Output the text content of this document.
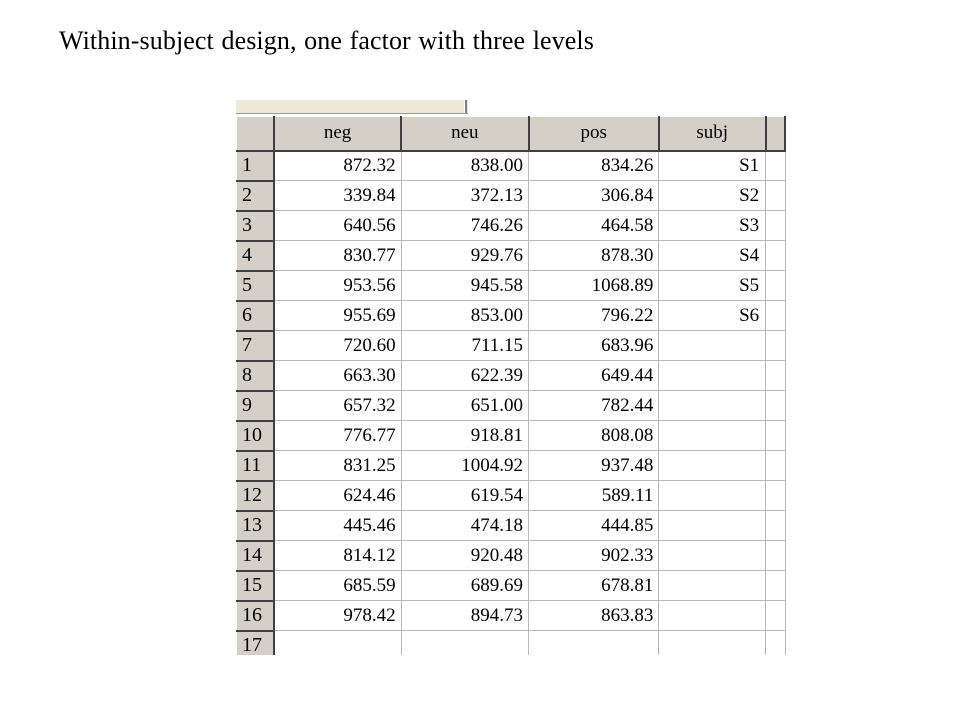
Within-subject design, one factor with three levels
	neg	neu	pos	subj	
1	872.32	838.00	834.26	S1	
2	339.84	372.13	306.84	S2	
3	640.56	746.26	464.58	S3	
4	830.77	929.76	878.30	S4	
5	953.56	945.58	1068.89	S5	
6	955.69	853.00	796.22	S6	
7	720.60	711.15	683.96		
8	663.30	622.39	649.44		
9	657.32	651.00	782.44		
10	776.77	918.81	808.08		
11	831.25	1004.92	937.48		
12	624.46	619.54	589.11		
13	445.46	474.18	444.85		
14	814.12	920.48	902.33		
15	685.59	689.69	678.81		
16	978.42	894.73	863.83		
17					
